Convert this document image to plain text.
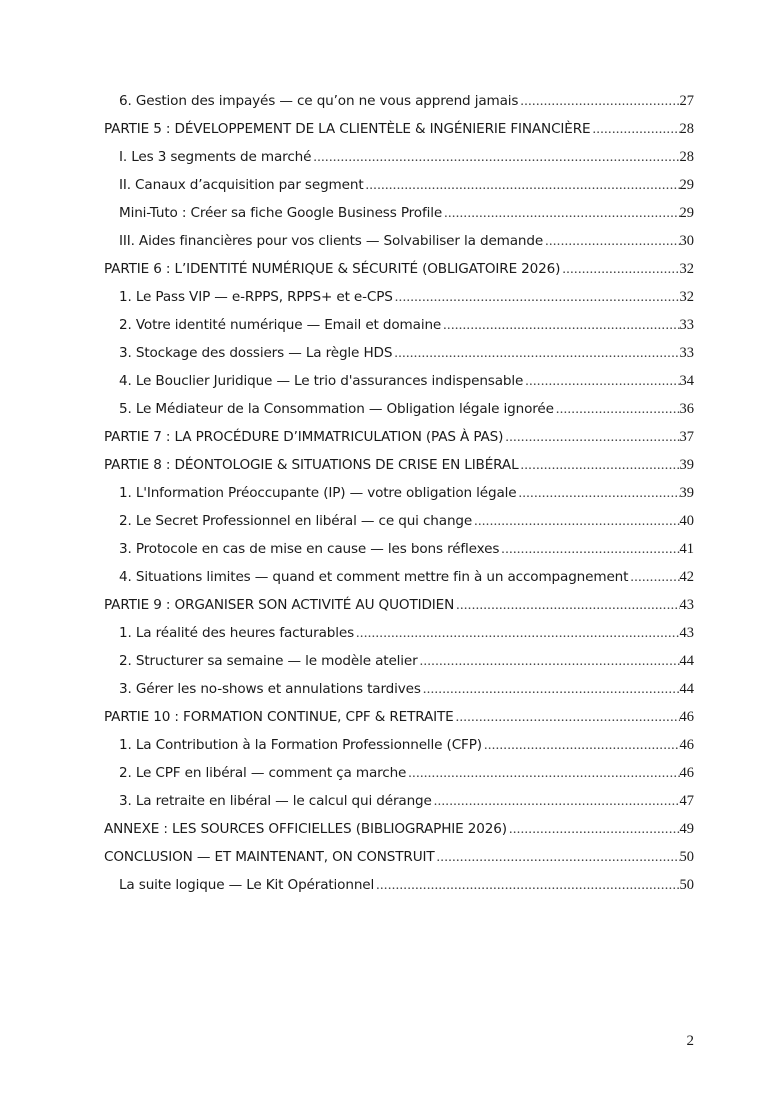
6. Gestion des impayés — ce qu’on ne vous apprend jamais .....	27
PARTIE 5 : DÉVELOPPEMENT DE LA CLIENTÈLE & INGÉNIERIE FINANCIÈRE .....	28
I. Les 3 segments de marché .....	28
II. Canaux d’acquisition par segment .....	29
Mini-Tuto : Créer sa fiche Google Business Profile .....	29
III. Aides financières pour vos clients — Solvabiliser la demande .....	30
PARTIE 6 : L’IDENTITÉ NUMÉRIQUE & SÉCURITÉ (OBLIGATOIRE 2026) .....	32
1. Le Pass VIP — e-RPPS, RPPS+ et e-CPS .....	32
2. Votre identité numérique — Email et domaine .....	33
3. Stockage des dossiers — La règle HDS .....	33
4. Le Bouclier Juridique — Le trio d'assurances indispensable .....	34
5. Le Médiateur de la Consommation — Obligation légale ignorée .....	36
PARTIE 7 : LA PROCÉDURE D’IMMATRICULATION (PAS À PAS) .....	37
PARTIE 8 : DÉONTOLOGIE & SITUATIONS DE CRISE EN LIBÉRAL .....	39
1. L'Information Préoccupante (IP) — votre obligation légale .....	39
2. Le Secret Professionnel en libéral — ce qui change .....	40
3. Protocole en cas de mise en cause — les bons réflexes .....	41
4. Situations limites — quand et comment mettre fin à un accompagnement .....	42
PARTIE 9 : ORGANISER SON ACTIVITÉ AU QUOTIDIEN .....	43
1. La réalité des heures facturables .....	43
2. Structurer sa semaine — le modèle atelier .....	44
3. Gérer les no-shows et annulations tardives .....	44
PARTIE 10 : FORMATION CONTINUE, CPF & RETRAITE .....	46
1. La Contribution à la Formation Professionnelle (CFP) .....	46
2. Le CPF en libéral — comment ça marche .....	46
3. La retraite en libéral — le calcul qui dérange .....	47
ANNEXE : LES SOURCES OFFICIELLES (BIBLIOGRAPHIE 2026) .....	49
CONCLUSION — ET MAINTENANT, ON CONSTRUIT .....	50
La suite logique — Le Kit Opérationnel .....	50
2
